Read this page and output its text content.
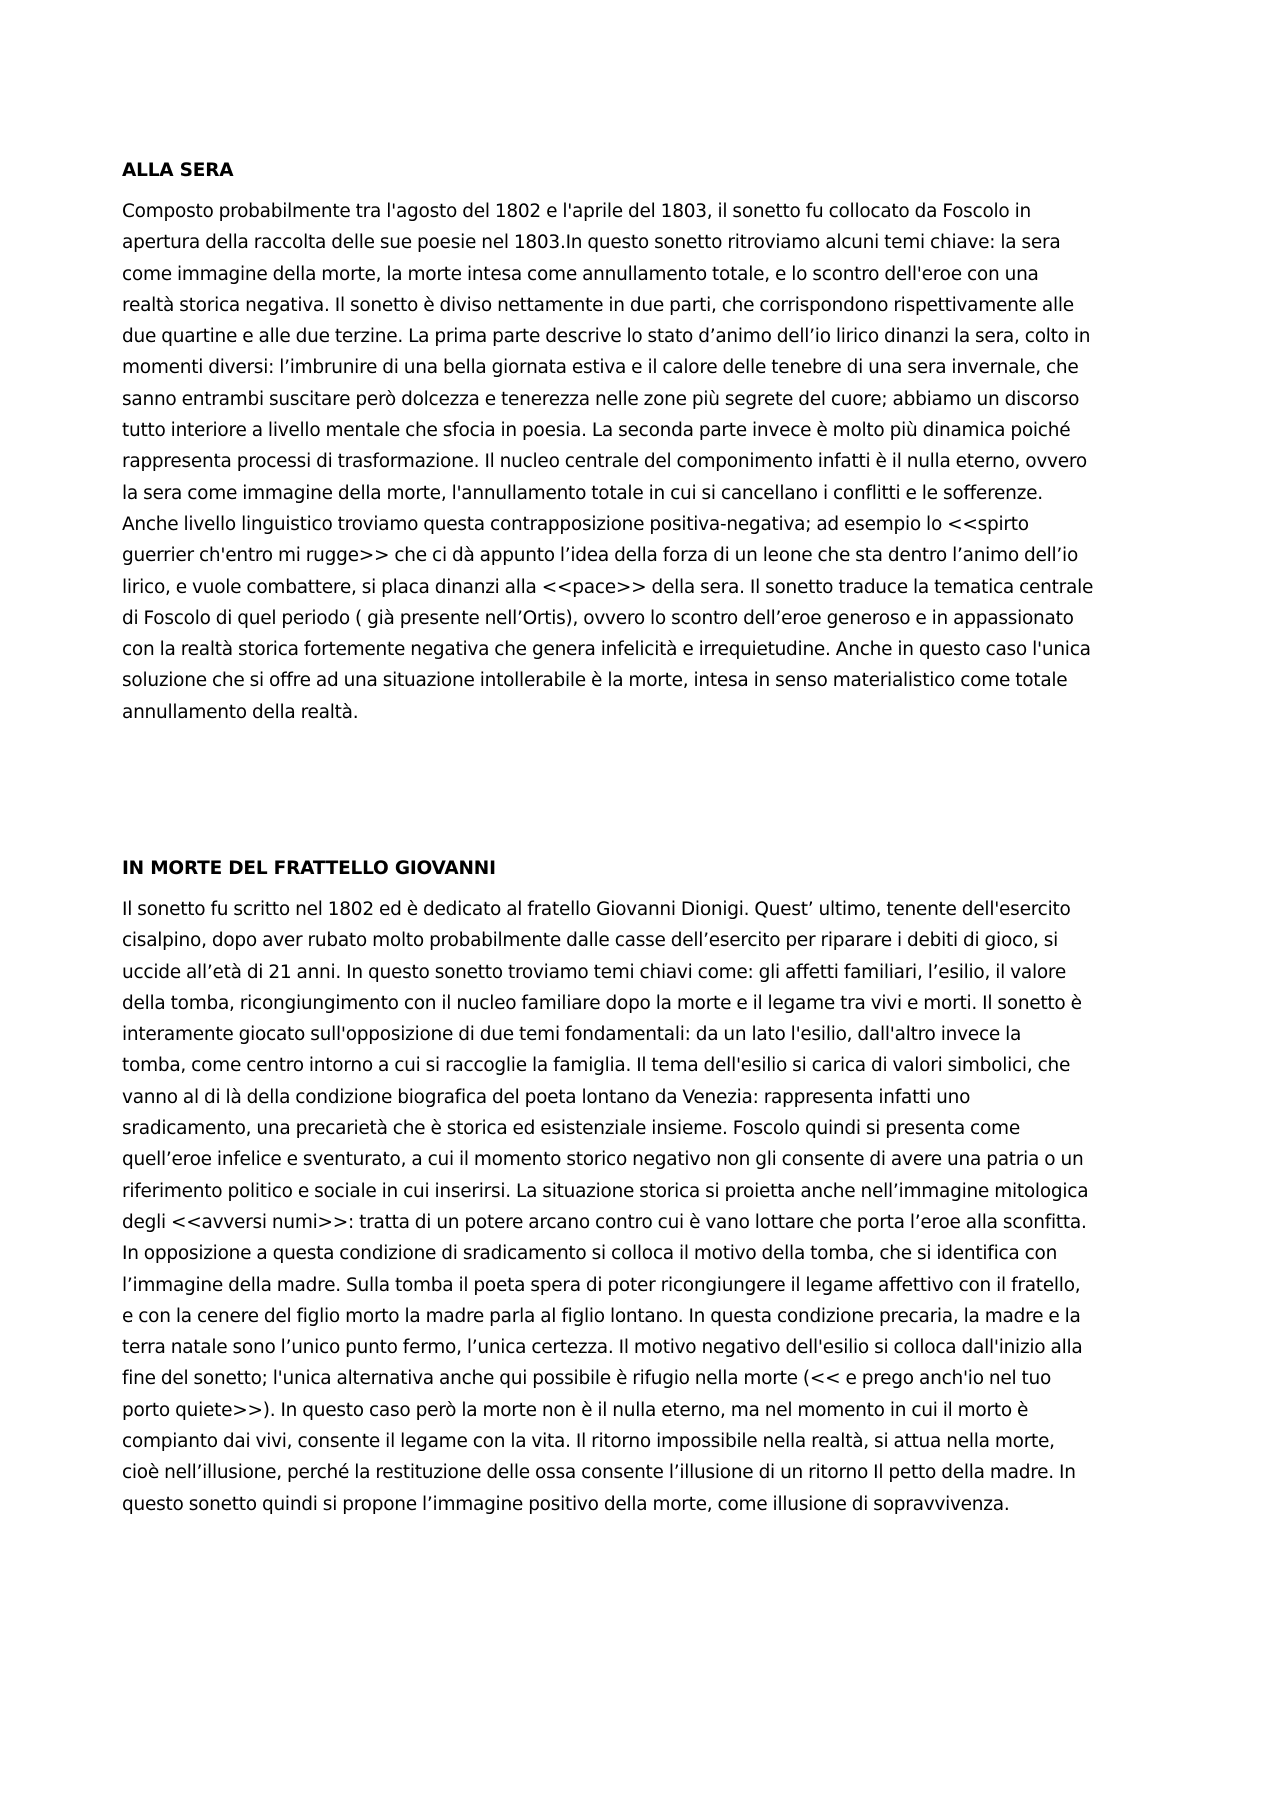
ALLA SERA

Composto probabilmente tra l'agosto del 1802 e l'aprile del 1803, il sonetto fu collocato da Foscolo in
apertura della raccolta delle sue poesie nel 1803.In questo sonetto ritroviamo alcuni temi chiave: la sera
come immagine della morte, la morte intesa come annullamento totale, e lo scontro dell'eroe con una
realtà storica negativa. Il sonetto è diviso nettamente in due parti, che corrispondono rispettivamente alle
due quartine e alle due terzine. La prima parte descrive lo stato d’animo dell’io lirico dinanzi la sera, colto in
momenti diversi: l’imbrunire di una bella giornata estiva e il calore delle tenebre di una sera invernale, che
sanno entrambi suscitare però dolcezza e tenerezza nelle zone più segrete del cuore; abbiamo un discorso
tutto interiore a livello mentale che sfocia in poesia. La seconda parte invece è molto più dinamica poiché
rappresenta processi di trasformazione. Il nucleo centrale del componimento infatti è il nulla eterno, ovvero
la sera come immagine della morte, l'annullamento totale in cui si cancellano i conflitti e le sofferenze.
Anche livello linguistico troviamo questa contrapposizione positiva-negativa; ad esempio lo <<spirto
guerrier ch'entro mi rugge>> che ci dà appunto l’idea della forza di un leone che sta dentro l’animo dell’io
lirico, e vuole combattere, si placa dinanzi alla <<pace>> della sera. Il sonetto traduce la tematica centrale
di Foscolo di quel periodo ( già presente nell’Ortis), ovvero lo scontro dell’eroe generoso e in appassionato
con la realtà storica fortemente negativa che genera infelicità e irrequietudine. Anche in questo caso l'unica
soluzione che si offre ad una situazione intollerabile è la morte, intesa in senso materialistico come totale
annullamento della realtà.

IN MORTE DEL FRATTELLO GIOVANNI

Il sonetto fu scritto nel 1802 ed è dedicato al fratello Giovanni Dionigi. Quest’ ultimo, tenente dell'esercito
cisalpino, dopo aver rubato molto probabilmente dalle casse dell’esercito per riparare i debiti di gioco, si
uccide all’età di 21 anni. In questo sonetto troviamo temi chiavi come: gli affetti familiari, l’esilio, il valore
della tomba, ricongiungimento con il nucleo familiare dopo la morte e il legame tra vivi e morti. Il sonetto è
interamente giocato sull'opposizione di due temi fondamentali: da un lato l'esilio, dall'altro invece la
tomba, come centro intorno a cui si raccoglie la famiglia. Il tema dell'esilio si carica di valori simbolici, che
vanno al di là della condizione biografica del poeta lontano da Venezia: rappresenta infatti uno
sradicamento, una precarietà che è storica ed esistenziale insieme. Foscolo quindi si presenta come
quell’eroe infelice e sventurato, a cui il momento storico negativo non gli consente di avere una patria o un
riferimento politico e sociale in cui inserirsi. La situazione storica si proietta anche nell’immagine mitologica
degli <<avversi numi>>: tratta di un potere arcano contro cui è vano lottare che porta l’eroe alla sconfitta.
In opposizione a questa condizione di sradicamento si colloca il motivo della tomba, che si identifica con
l’immagine della madre. Sulla tomba il poeta spera di poter ricongiungere il legame affettivo con il fratello,
e con la cenere del figlio morto la madre parla al figlio lontano. In questa condizione precaria, la madre e la
terra natale sono l’unico punto fermo, l’unica certezza. Il motivo negativo dell'esilio si colloca dall'inizio alla
fine del sonetto; l'unica alternativa anche qui possibile è rifugio nella morte (<< e prego anch'io nel tuo
porto quiete>>). In questo caso però la morte non è il nulla eterno, ma nel momento in cui il morto è
compianto dai vivi, consente il legame con la vita. Il ritorno impossibile nella realtà, si attua nella morte,
cioè nell’illusione, perché la restituzione delle ossa consente l’illusione di un ritorno Il petto della madre. In
questo sonetto quindi si propone l’immagine positivo della morte, come illusione di sopravvivenza.
